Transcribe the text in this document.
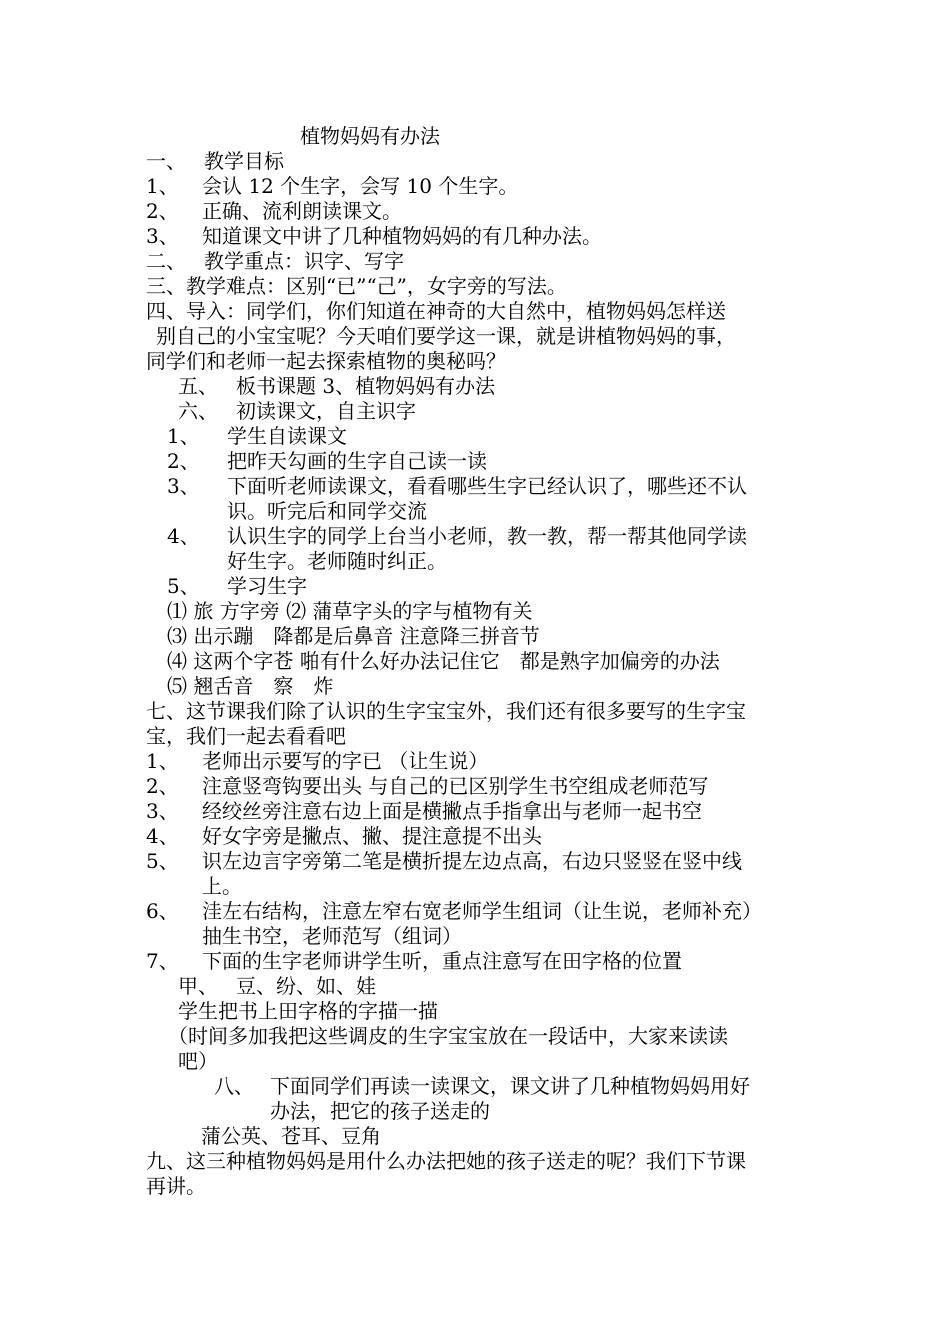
植物妈妈有办法
一、 教学目标
1、 会认 12 个生字，会写 10 个生字。
2、 正确、流利朗读课文。
3、 知道课文中讲了几种植物妈妈的有几种办法。
二、 教学重点：识字、写字
三、教学难点：区别“已”“己”，女字旁的写法。
四、导入：同学们，你们知道在神奇的大自然中，植物妈妈怎样送
别自己的小宝宝呢？今天咱们要学这一课，就是讲植物妈妈的事，
同学们和老师一起去探索植物的奥秘吗？
五、 板书课题 3、植物妈妈有办法
六、 初读课文，自主识字
1、 学生自读课文
2、 把昨天勾画的生字自己读一读
3、 下面听老师读课文，看看哪些生字已经认识了，哪些还不认
识。听完后和同学交流
4、 认识生字的同学上台当小老师，教一教，帮一帮其他同学读
好生字。老师随时纠正。
5、 学习生字
⑴ 旅 方字旁 ⑵ 蒲草字头的字与植物有关
⑶ 出示蹦　降都是后鼻音 注意降三拼音节
⑷ 这两个字苍 啪有什么好办法记住它　都是熟字加偏旁的办法
⑸ 翘舌音　察　炸
七、这节课我们除了认识的生字宝宝外，我们还有很多要写的生字宝
宝，我们一起去看看吧
1、 老师出示要写的字已 （让生说）
2、 注意竖弯钩要出头 与自己的已区别学生书空组成老师范写
3、 经绞丝旁注意右边上面是横撇点手指拿出与老师一起书空
4、 好女字旁是撇点、撇、提注意提不出头
5、 识左边言字旁第二笔是横折提左边点高，右边只竖竖在竖中线
上。
6、 洼左右结构，注意左窄右宽老师学生组词（让生说，老师补充）
抽生书空，老师范写（组词）
7、 下面的生字老师讲学生听，重点注意写在田字格的位置
甲、 豆、纷、如、娃
学生把书上田字格的字描一描
（时间多加我把这些调皮的生字宝宝放在一段话中，大家来读读
吧）
八、 下面同学们再读一读课文，课文讲了几种植物妈妈用好
办法，把它的孩子送走的
蒲公英、苍耳、豆角
九、这三种植物妈妈是用什么办法把她的孩子送走的呢？我们下节课
再讲。
